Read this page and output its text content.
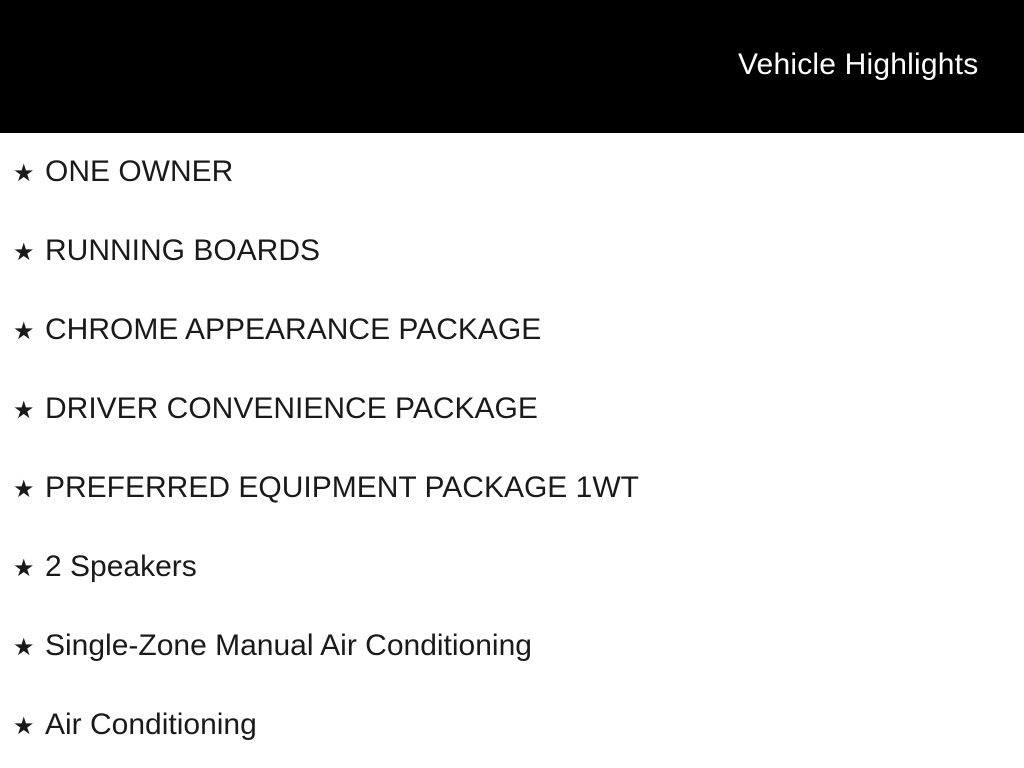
Vehicle Highlights
★ ONE OWNER
★ RUNNING BOARDS
★ CHROME APPEARANCE PACKAGE
★ DRIVER CONVENIENCE PACKAGE
★ PREFERRED EQUIPMENT PACKAGE 1WT
★ 2 Speakers
★ Single-Zone Manual Air Conditioning
★ Air Conditioning
